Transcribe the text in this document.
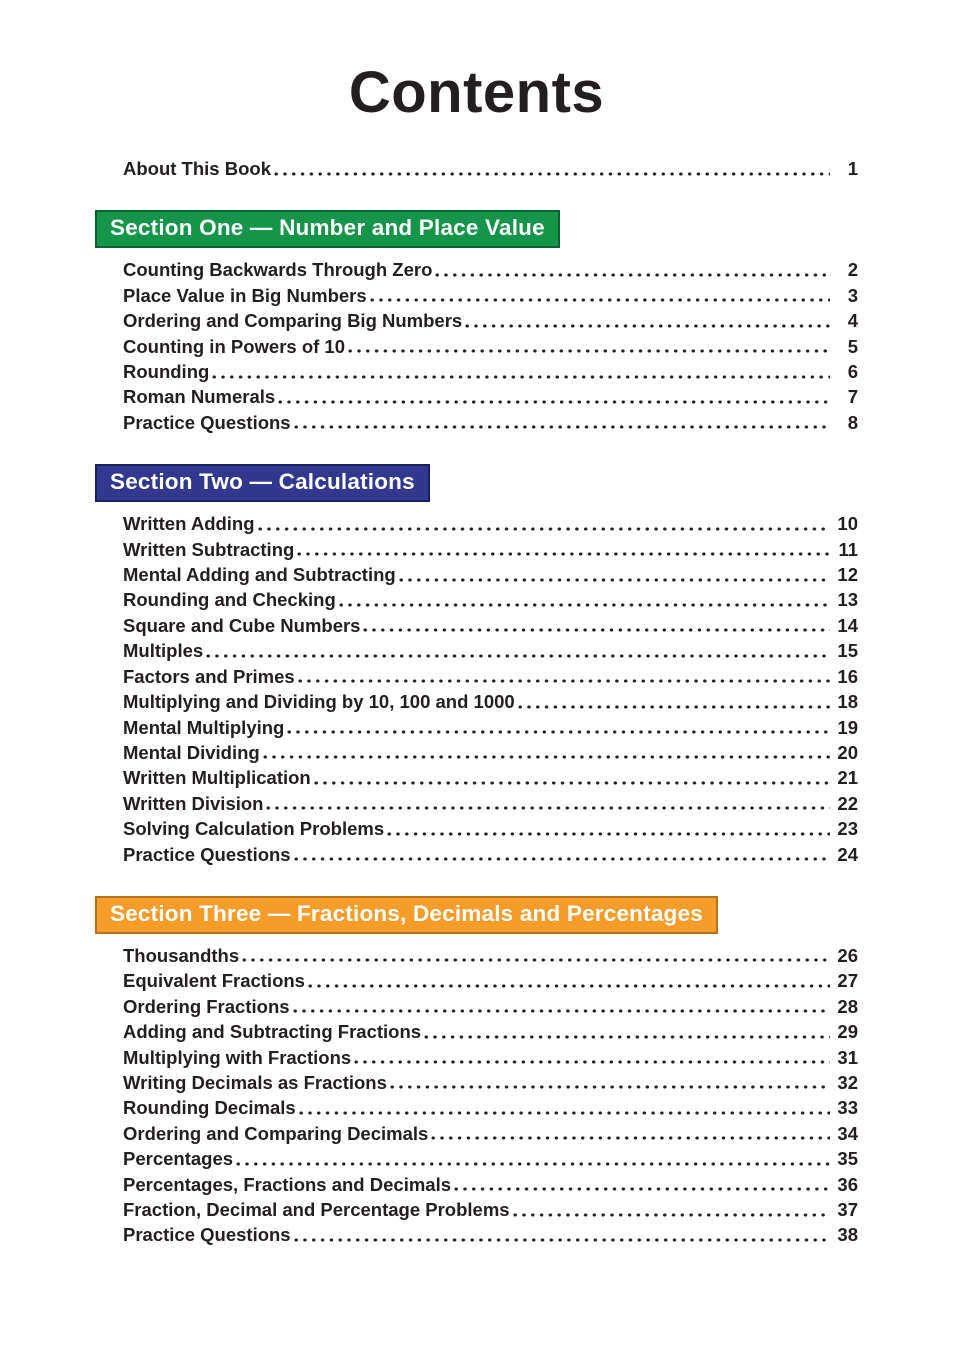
Contents
About This Book	1
Section One — Number and Place Value
Counting Backwards Through Zero	2
Place Value in Big Numbers	3
Ordering and Comparing Big Numbers	4
Counting in Powers of 10	5
Rounding	6
Roman Numerals	7
Practice Questions	8
Section Two — Calculations
Written Adding	10
Written Subtracting	11
Mental Adding and Subtracting	12
Rounding and Checking	13
Square and Cube Numbers	14
Multiples	15
Factors and Primes	16
Multiplying and Dividing by 10, 100 and 1000	18
Mental Multiplying	19
Mental Dividing	20
Written Multiplication	21
Written Division	22
Solving Calculation Problems	23
Practice Questions	24
Section Three — Fractions, Decimals and Percentages
Thousandths	26
Equivalent Fractions	27
Ordering Fractions	28
Adding and Subtracting Fractions	29
Multiplying with Fractions	31
Writing Decimals as Fractions	32
Rounding Decimals	33
Ordering and Comparing Decimals	34
Percentages	35
Percentages, Fractions and Decimals	36
Fraction, Decimal and Percentage Problems	37
Practice Questions	38
